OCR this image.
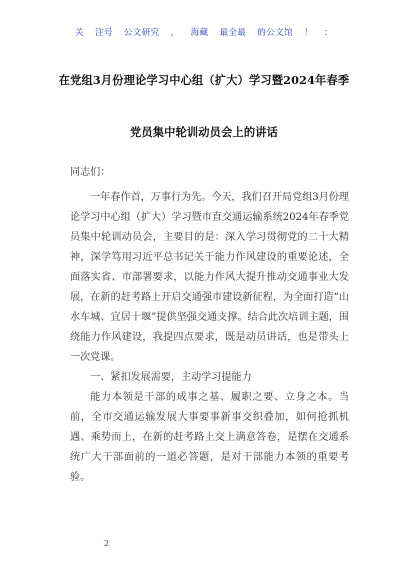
关 注号 公文研究 ， 海藏 最全最 的公文馆 ！ ：
在党组3月份理论学习中心组（扩大）学习暨2024年春季
党员集中轮训动员会上的讲话
同志们：

一年春作首，万事行为先。今天，我们召开局党组3月份理论学习中心组（扩大）学习暨市直交通运输系统2024年春季党员集中轮训动员会，主要目的是：深入学习贯彻党的二十大精神，深学笃用习近平总书记关于能力作风建设的重要论述，全面落实省、市部署要求，以能力作风大提升推动交通事业大发展，在新的赶考路上开启交通强市建设新征程，为全面打造“山水车城、宜居十堰”提供坚强交通支撑。结合此次培训主题，围绕能力作风建设，我提四点要求，既是动员讲话，也是带头上一次党课。

一、紧扣发展需要，主动学习提能力

能力本领是干部的成事之基、履职之要、立身之本。当前，全市交通运输发展大事要事新事交织叠加，如何抢抓机遇、乘势而上，在新的赶考路上交上满意答卷，是摆在交通系统广大干部面前的一道必答题，是对干部能力本领的重要考验。

2
